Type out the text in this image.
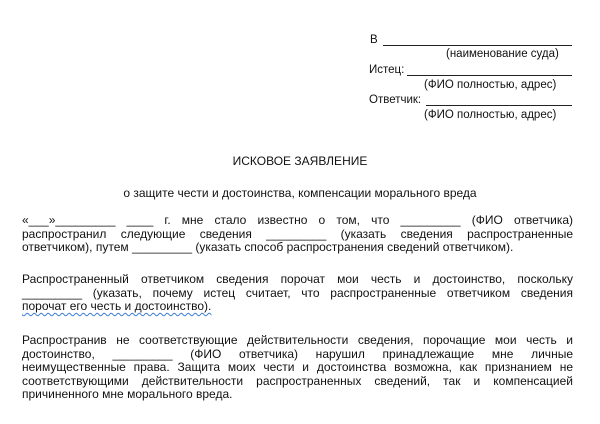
В
(наименование суда)
Истец:
(ФИО полностью, адрес)
Ответчик:
(ФИО полностью, адрес)
ИСКОВОЕ ЗАЯВЛЕНИЕ
о защите чести и достоинства, компенсации морального вреда
«___»_________ ____ г. мне стало известно о том, что _________ (ФИО ответчика)
распространил следующие сведения _________ (указать сведения распространенные
ответчиком), путем _________ (указать способ распространения сведений ответчиком).
Распространенный ответчиком сведения порочат мои честь и достоинство, поскольку
_________ (указать, почему истец считает, что распространенные ответчиком сведения
порочат его честь и достоинство).
Распространив не соответствующие действительности сведения, порочащие мои честь и
достоинство, _________ (ФИО ответчика) нарушил принадлежащие мне личные
неимущественные права. Защита моих чести и достоинства возможна, как признанием не
соответствующими действительности распространенных сведений, так и компенсацией
причиненного мне морального вреда.
